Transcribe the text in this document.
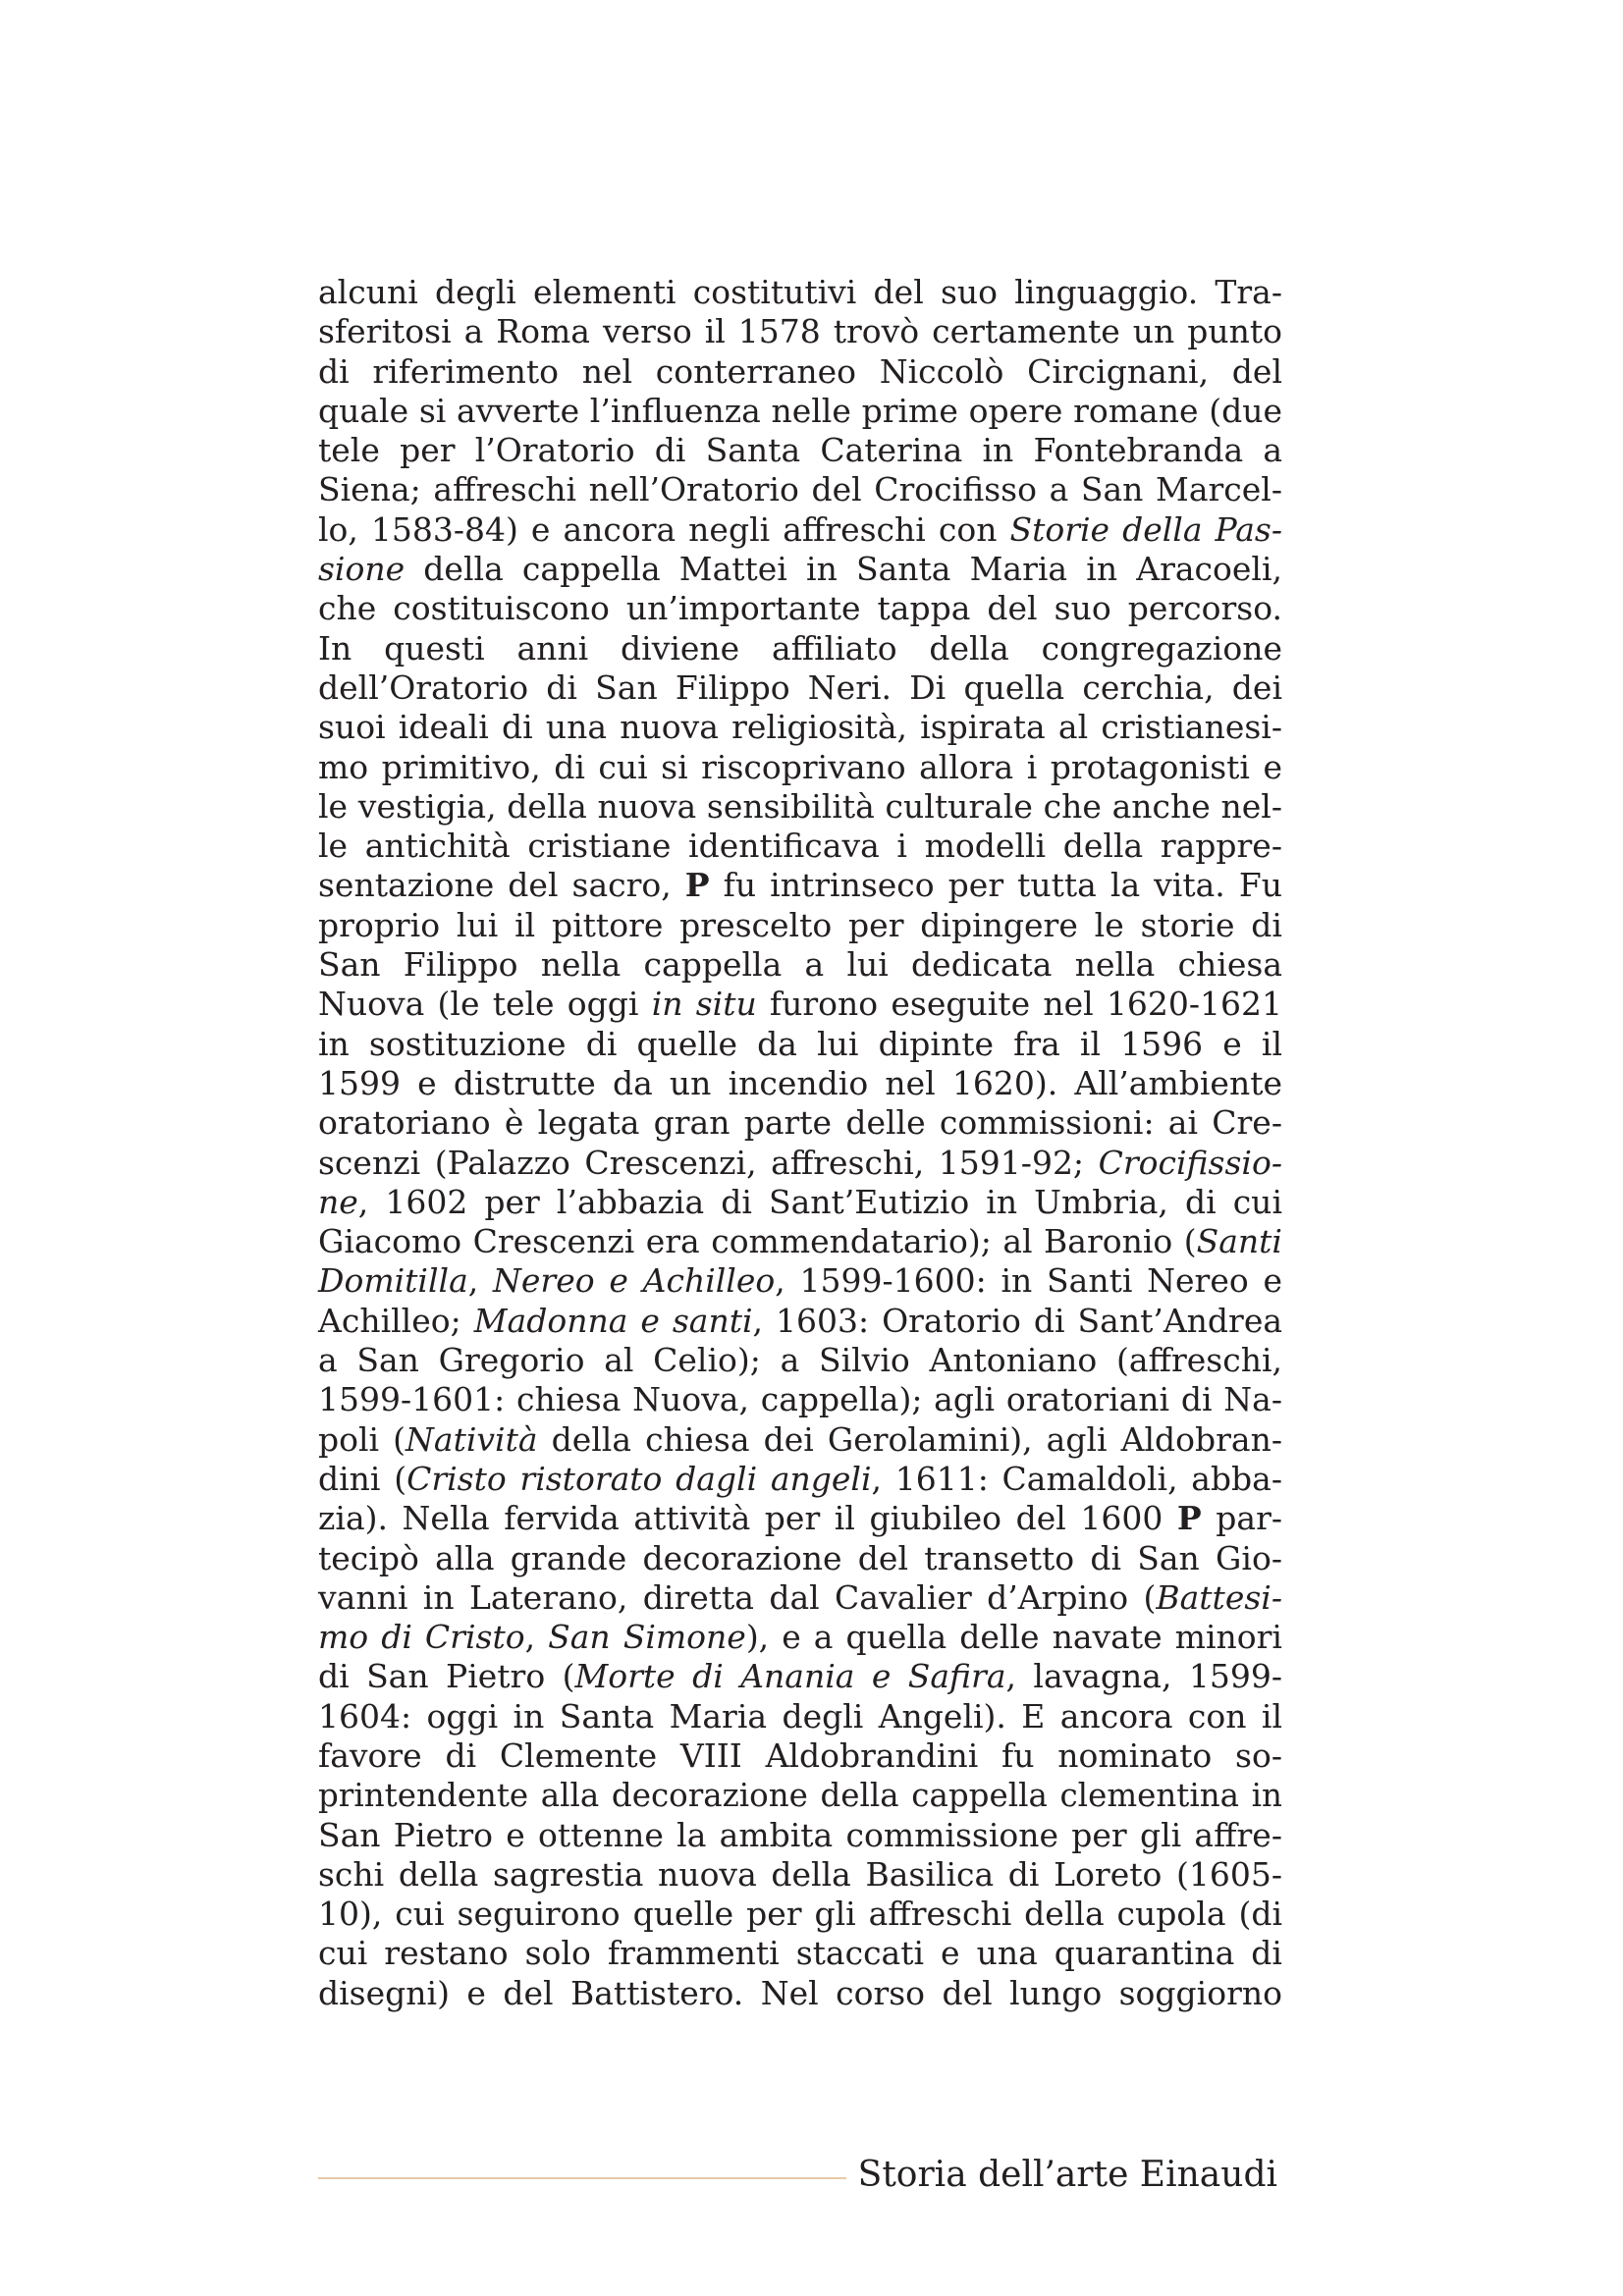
alcuni degli elementi costitutivi del suo linguaggio. Tra-
sferitosi a Roma verso il 1578 trovò certamente un punto
di riferimento nel conterraneo Niccolò Circignani, del
quale si avverte l’influenza nelle prime opere romane (due
tele per l’Oratorio di Santa Caterina in Fontebranda a
Siena; affreschi nell’Oratorio del Crocifisso a San Marcel-
lo, 1583-84) e ancora negli affreschi con Storie della Pas-
sione della cappella Mattei in Santa Maria in Aracoeli,
che costituiscono un’importante tappa del suo percorso.
In questi anni diviene affiliato della congregazione
dell’Oratorio di San Filippo Neri. Di quella cerchia, dei
suoi ideali di una nuova religiosità, ispirata al cristianesi-
mo primitivo, di cui si riscoprivano allora i protagonisti e
le vestigia, della nuova sensibilità culturale che anche nel-
le antichità cristiane identificava i modelli della rappre-
sentazione del sacro, P fu intrinseco per tutta la vita. Fu
proprio lui il pittore prescelto per dipingere le storie di
San Filippo nella cappella a lui dedicata nella chiesa
Nuova (le tele oggi in situ furono eseguite nel 1620-1621
in sostituzione di quelle da lui dipinte fra il 1596 e il
1599 e distrutte da un incendio nel 1620). All’ambiente
oratoriano è legata gran parte delle commissioni: ai Cre-
scenzi (Palazzo Crescenzi, affreschi, 1591-92; Crocifissio-
ne, 1602 per l’abbazia di Sant’Eutizio in Umbria, di cui
Giacomo Crescenzi era commendatario); al Baronio (Santi
Domitilla, Nereo e Achilleo, 1599-1600: in Santi Nereo e
Achilleo; Madonna e santi, 1603: Oratorio di Sant’Andrea
a San Gregorio al Celio); a Silvio Antoniano (affreschi,
1599-1601: chiesa Nuova, cappella); agli oratoriani di Na-
poli (Natività della chiesa dei Gerolamini), agli Aldobran-
dini (Cristo ristorato dagli angeli, 1611: Camaldoli, abba-
zia). Nella fervida attività per il giubileo del 1600 P par-
tecipò alla grande decorazione del transetto di San Gio-
vanni in Laterano, diretta dal Cavalier d’Arpino (Battesi-
mo di Cristo, San Simone), e a quella delle navate minori
di San Pietro (Morte di Anania e Safira, lavagna, 1599-
1604: oggi in Santa Maria degli Angeli). E ancora con il
favore di Clemente VIII Aldobrandini fu nominato so-
printendente alla decorazione della cappella clementina in
San Pietro e ottenne la ambita commissione per gli affre-
schi della sagrestia nuova della Basilica di Loreto (1605-
10), cui seguirono quelle per gli affreschi della cupola (di
cui restano solo frammenti staccati e una quarantina di
disegni) e del Battistero. Nel corso del lungo soggiorno
Storia dell’arte Einaudi
